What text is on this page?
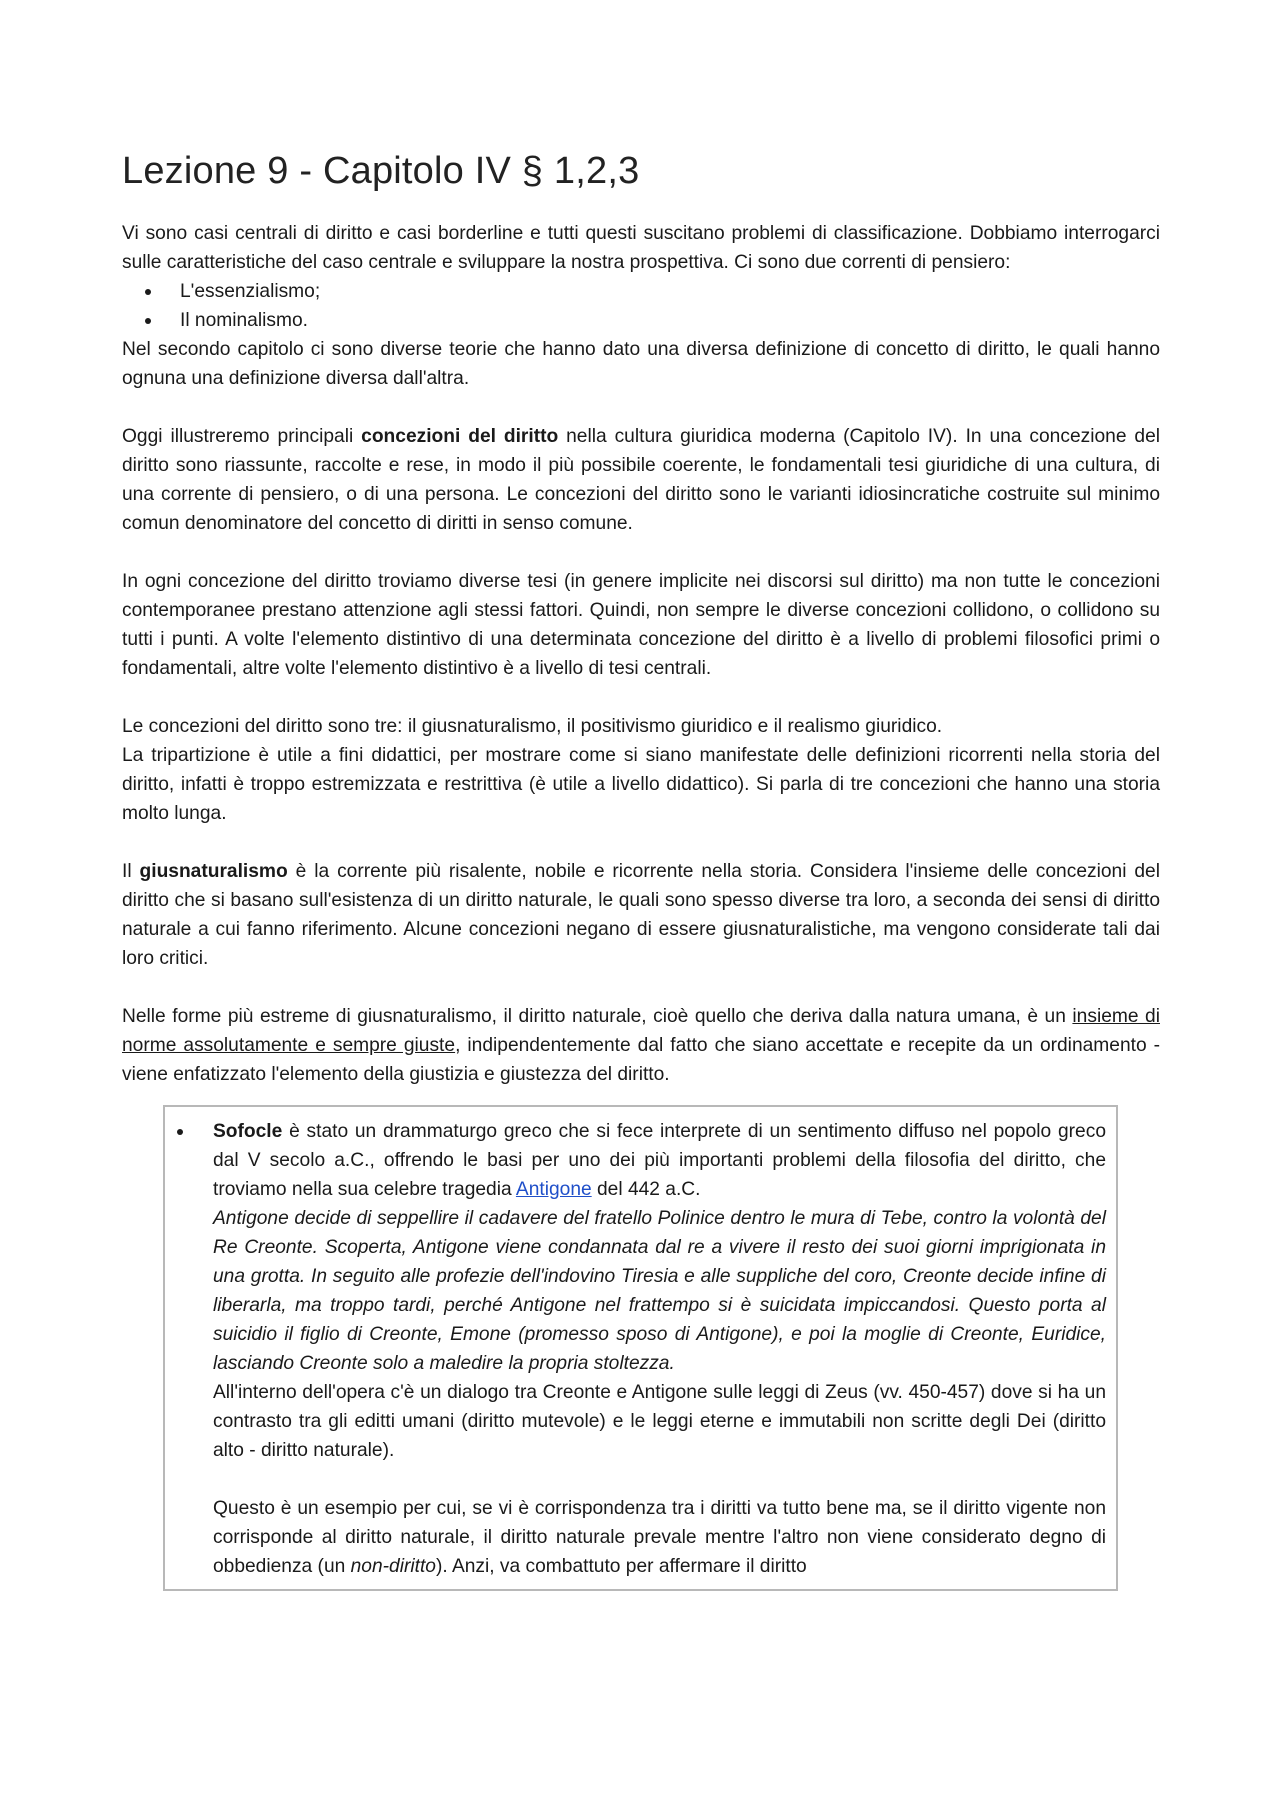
Lezione 9 - Capitolo IV § 1,2,3

Vi sono casi centrali di diritto e casi borderline e tutti questi suscitano problemi di classificazione. Dobbiamo interrogarci sulle caratteristiche del caso centrale e sviluppare la nostra prospettiva. Ci sono due correnti di pensiero:

L'essenzialismo;
Il nominalismo.

Nel secondo capitolo ci sono diverse teorie che hanno dato una diversa definizione di concetto di diritto, le quali hanno ognuna una definizione diversa dall'altra.

Oggi illustreremo principali concezioni del diritto nella cultura giuridica moderna (Capitolo IV). In una concezione del diritto sono riassunte, raccolte e rese, in modo il più possibile coerente, le fondamentali tesi giuridiche di una cultura, di una corrente di pensiero, o di una persona. Le concezioni del diritto sono le varianti idiosincratiche costruite sul minimo comun denominatore del concetto di diritti in senso comune.

In ogni concezione del diritto troviamo diverse tesi (in genere implicite nei discorsi sul diritto) ma non tutte le concezioni contemporanee prestano attenzione agli stessi fattori. Quindi, non sempre le diverse concezioni collidono, o collidono su tutti i punti. A volte l'elemento distintivo di una determinata concezione del diritto è a livello di problemi filosofici primi o fondamentali, altre volte l'elemento distintivo è a livello di tesi centrali.

Le concezioni del diritto sono tre: il giusnaturalismo, il positivismo giuridico e il realismo giuridico.

La tripartizione è utile a fini didattici, per mostrare come si siano manifestate delle definizioni ricorrenti nella storia del diritto, infatti è troppo estremizzata e restrittiva (è utile a livello didattico). Si parla di tre concezioni che hanno una storia molto lunga.

Il giusnaturalismo è la corrente più risalente, nobile e ricorrente nella storia. Considera l'insieme delle concezioni del diritto che si basano sull'esistenza di un diritto naturale, le quali sono spesso diverse tra loro, a seconda dei sensi di diritto naturale a cui fanno riferimento. Alcune concezioni negano di essere giusnaturalistiche, ma vengono considerate tali dai loro critici.

Nelle forme più estreme di giusnaturalismo, il diritto naturale, cioè quello che deriva dalla natura umana, è un insieme di norme assolutamente e sempre giuste, indipendentemente dal fatto che siano accettate e recepite da un ordinamento - viene enfatizzato l'elemento della giustizia e giustezza del diritto.

Sofocle è stato un drammaturgo greco che si fece interprete di un sentimento diffuso nel popolo greco dal V secolo a.C., offrendo le basi per uno dei più importanti problemi della filosofia del diritto, che troviamo nella sua celebre tragedia Antigone del 442 a.C.

Antigone decide di seppellire il cadavere del fratello Polinice dentro le mura di Tebe, contro la volontà del Re Creonte. Scoperta, Antigone viene condannata dal re a vivere il resto dei suoi giorni imprigionata in una grotta. In seguito alle profezie dell'indovino Tiresia e alle suppliche del coro, Creonte decide infine di liberarla, ma troppo tardi, perché Antigone nel frattempo si è suicidata impiccandosi. Questo porta al suicidio il figlio di Creonte, Emone (promesso sposo di Antigone), e poi la moglie di Creonte, Euridice, lasciando Creonte solo a maledire la propria stoltezza.

All'interno dell'opera c'è un dialogo tra Creonte e Antigone sulle leggi di Zeus (vv. 450-457) dove si ha un contrasto tra gli editti umani (diritto mutevole) e le leggi eterne e immutabili non scritte degli Dei (diritto alto - diritto naturale).

Questo è un esempio per cui, se vi è corrispondenza tra i diritti va tutto bene ma, se il diritto vigente non corrisponde al diritto naturale, il diritto naturale prevale mentre l'altro non viene considerato degno di obbedienza (un non-diritto). Anzi, va combattuto per affermare il diritto
